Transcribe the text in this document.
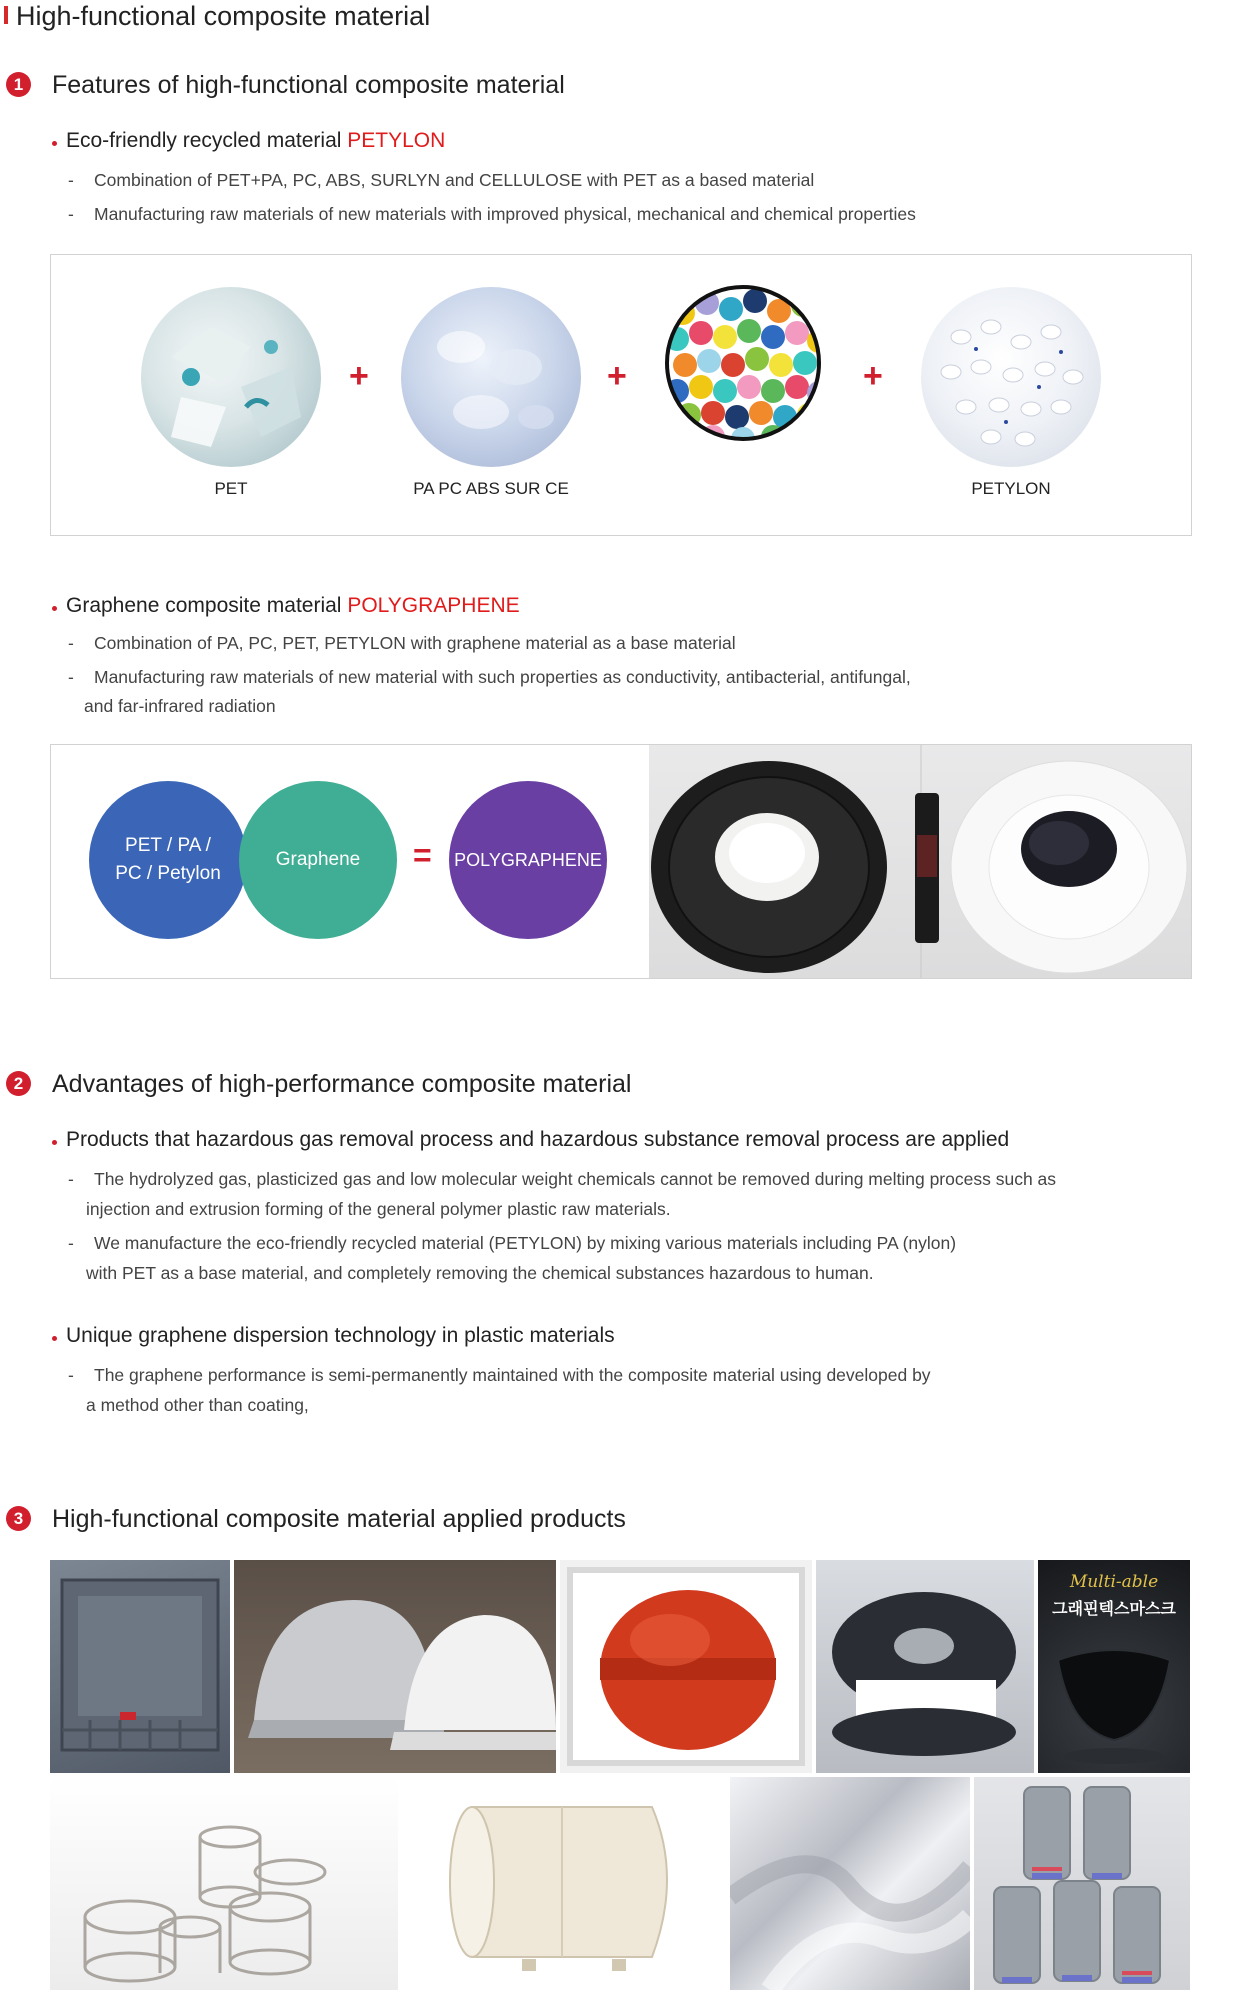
High-functional composite material
1	Features of high-functional composite material
Eco-friendly recycled material PETYLON
- Combination of PET+PA, PC, ABS, SURLYN and CELLULOSE with PET as a based material
- Manufacturing raw materials of new materials with improved physical, mechanical and chemical properties
+	+	+
PET	PA PC ABS SUR CE	PETYLON
Graphene composite material POLYGRAPHENE
- Combination of PA, PC, PET, PETYLON with graphene material as a base material
- Manufacturing raw materials of new material with such properties as conductivity, antibacterial, antifungal,
and far-infrared radiation
PET / PA /
PC / Petylon
Graphene	= POLYGRAPHENE
2	Advantages of high-performance composite material
Products that hazardous gas removal process and hazardous substance removal process are applied
- The hydrolyzed gas, plasticized gas and low molecular weight chemicals cannot be removed during melting process such as
injection and extrusion forming of the general polymer plastic raw materials.
- We manufacture the eco-friendly recycled material (PETYLON) by mixing various materials including PA (nylon)
with PET as a base material, and completely removing the chemical substances hazardous to human.
Unique graphene dispersion technology in plastic materials
- The graphene performance is semi-permanently maintained with the composite material using developed by
a method other than coating,
3	High-functional composite material applied products
Multi-able
그래핀텍스마스크
